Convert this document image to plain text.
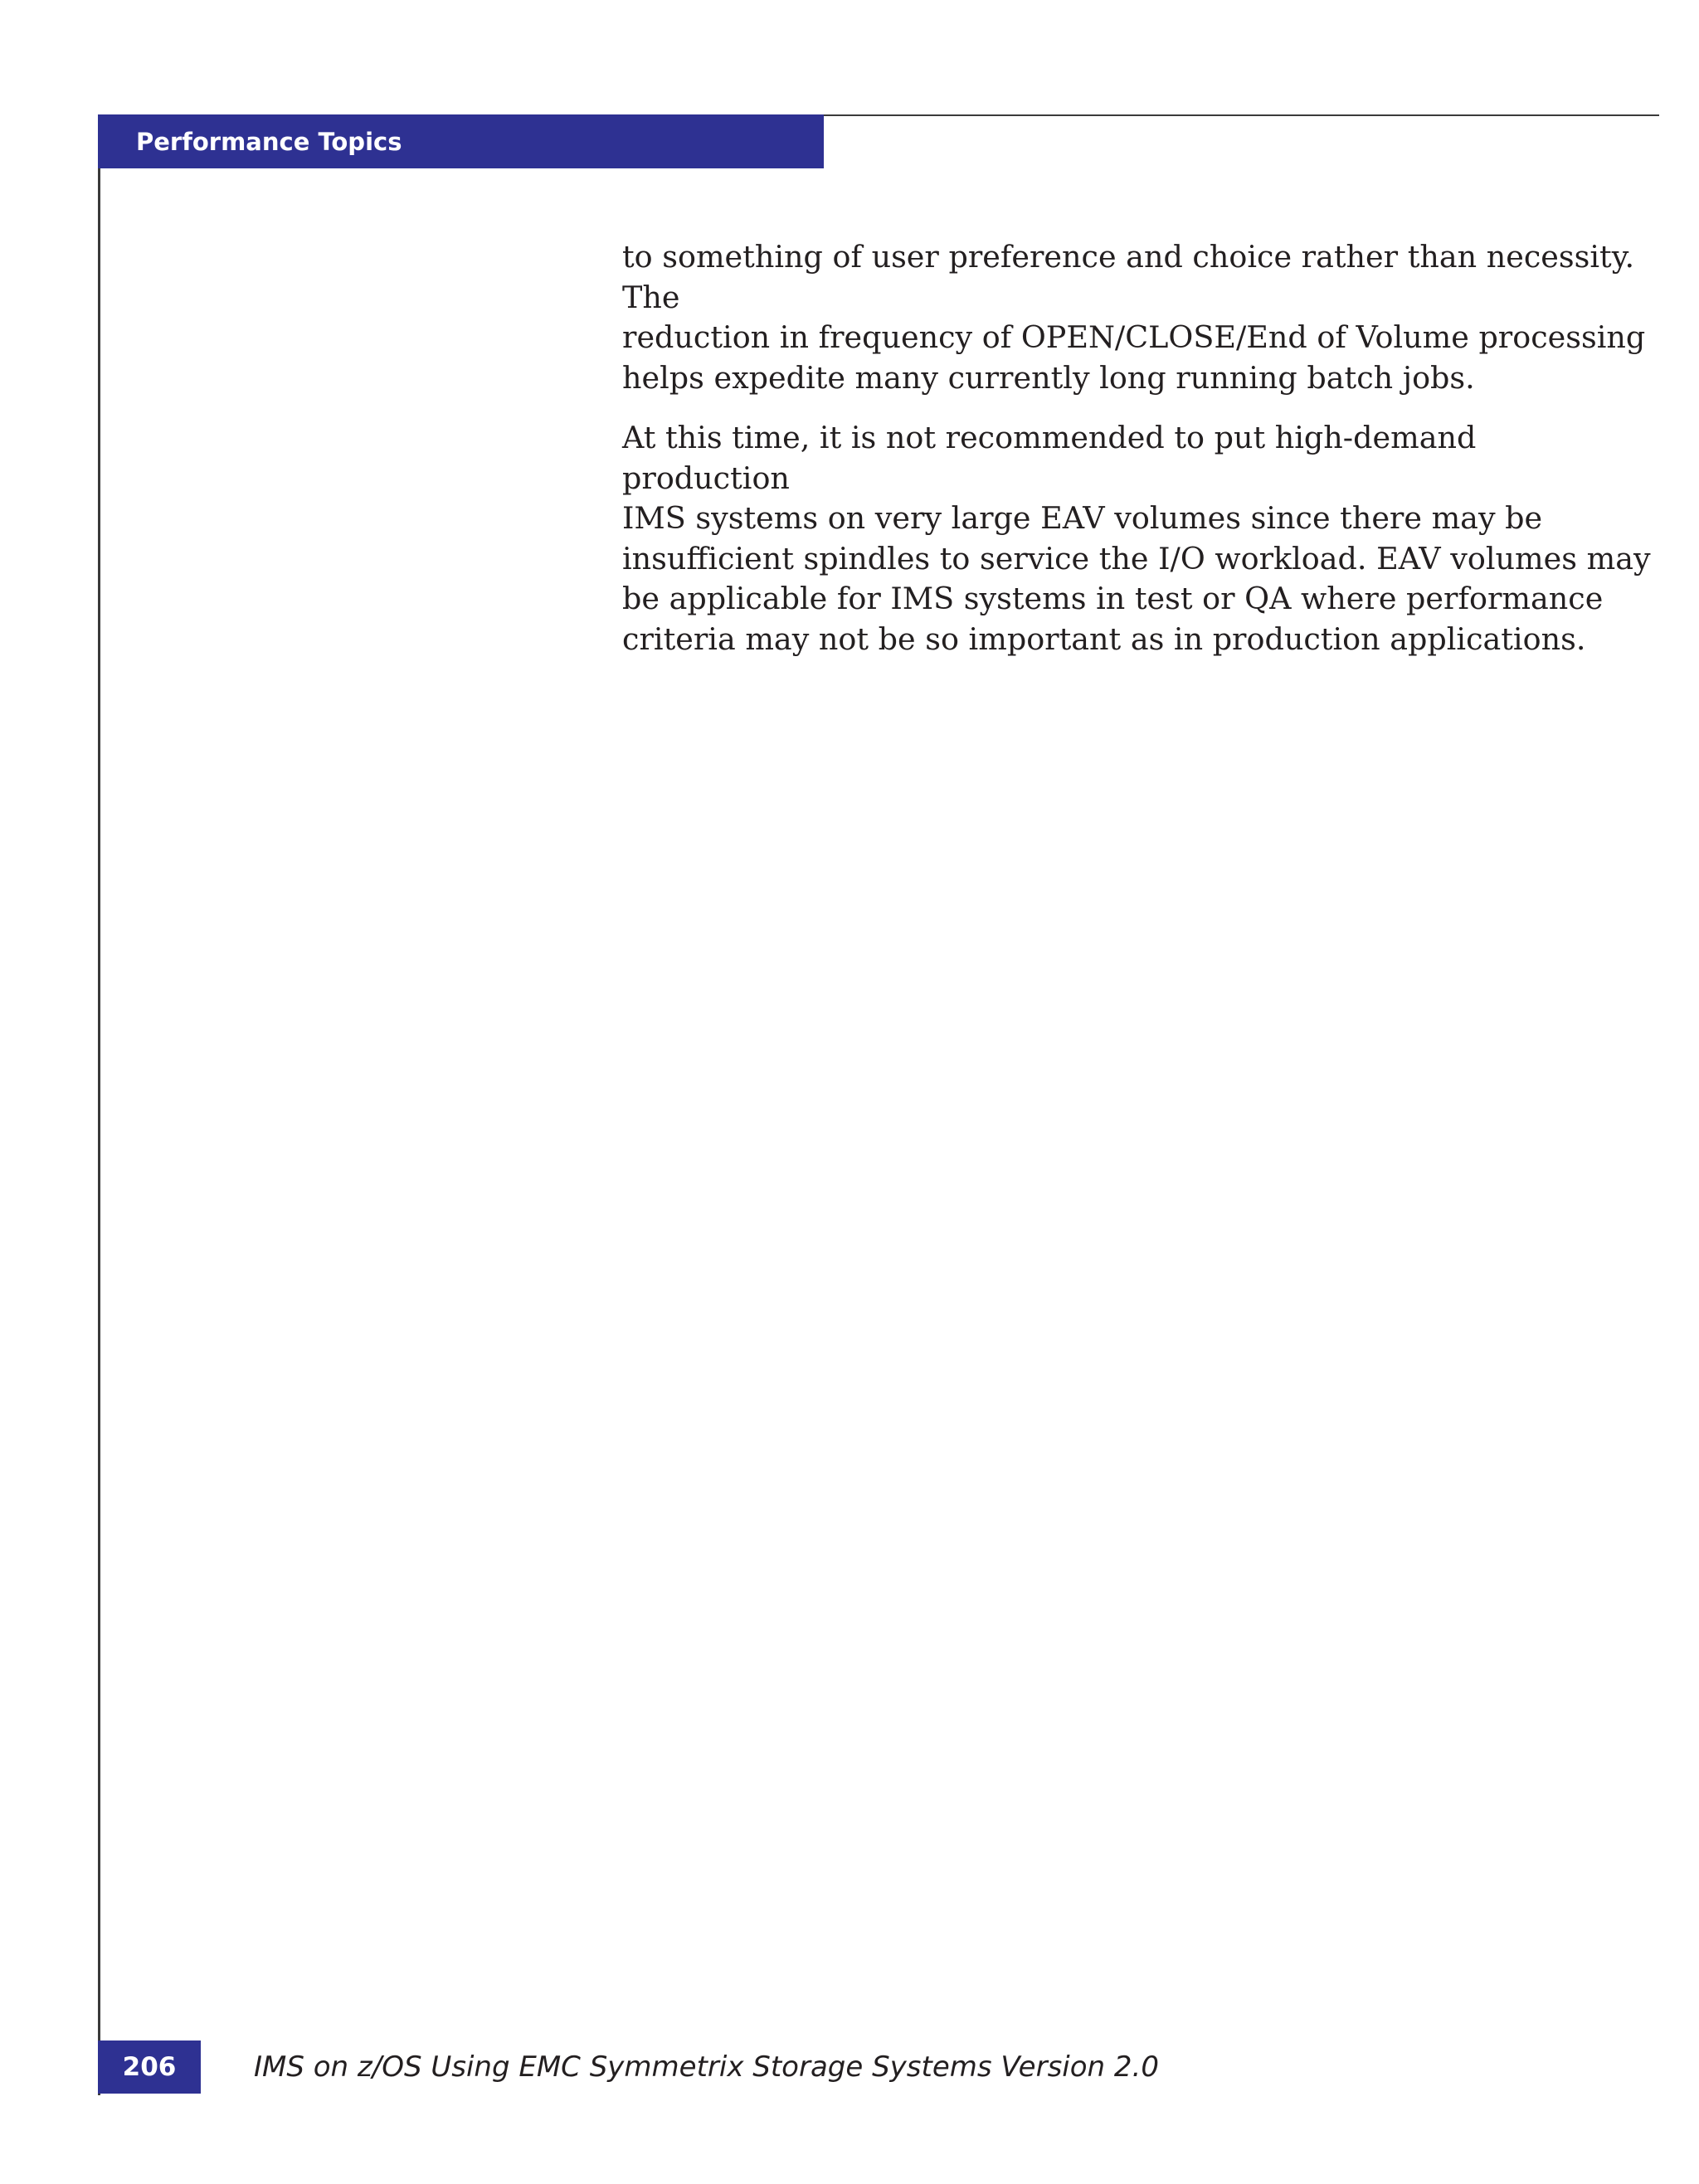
Performance Topics

to something of user preference and choice rather than necessity. The
reduction in frequency of OPEN/CLOSE/End of Volume processing
helps expedite many currently long running batch jobs.

At this time, it is not recommended to put high-demand production
IMS systems on very large EAV volumes since there may be
insufficient spindles to service the I/O workload. EAV volumes may
be applicable for IMS systems in test or QA where performance
criteria may not be so important as in production applications.

206	IMS on z/OS Using EMC Symmetrix Storage Systems Version 2.0
